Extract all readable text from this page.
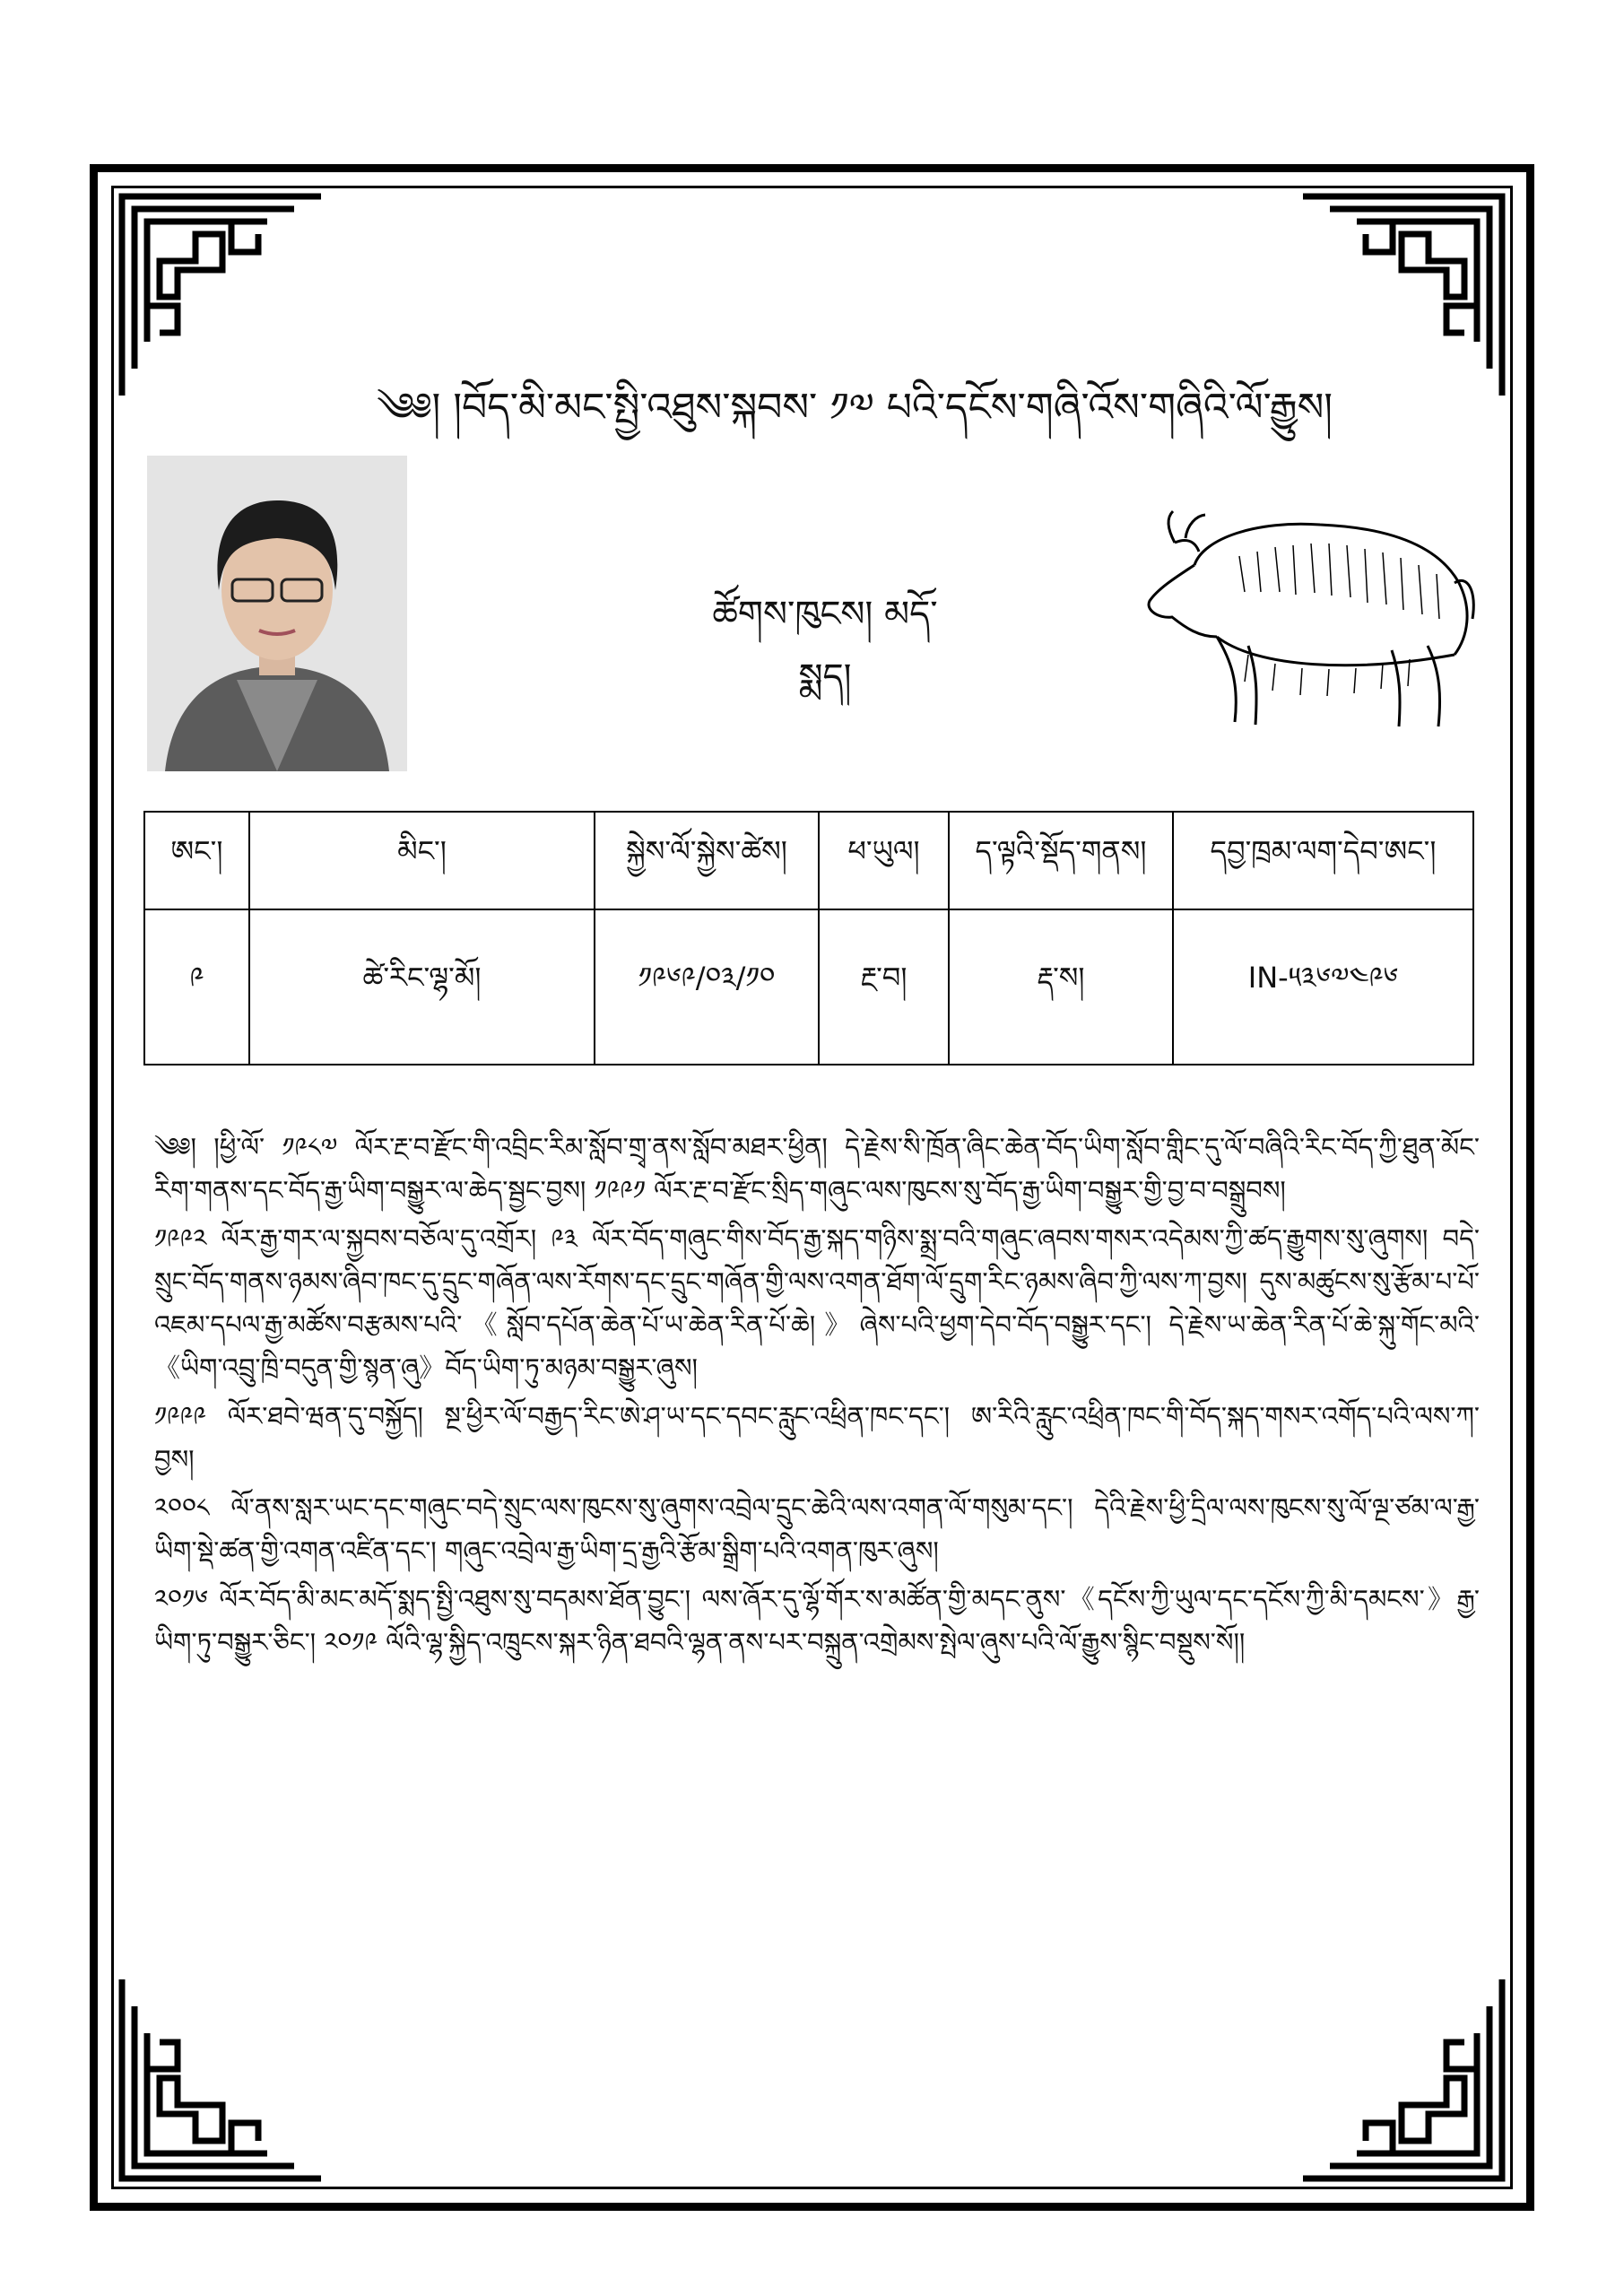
༄༅། །བོད་མི་མང་སྤྱི་འཐུས་སྐབས་ ༡༧ པའི་དངོས་གཞི་འོས་གཞིའི་ལོ་རྒྱུས།
ཚོགས་ཁུངས། མདོ་སྨད།
ཨང་།	མིང་།	སྐྱེས་ལོ་སྐྱེས་ཚེས།	ཕ་ཡུལ།	ད་ལྟའི་སྡོད་གནས།	དབྱ་ཁྲམ་ལག་དེབ་ཨང་།
༩	ཚེ་རིང་ལྷ་མོ།	༡༩༦༩/༠༣/༡༠	རྔ་བ།	རྡ་ས།	IN-༥༣༦༧༤༩༦

༄༅། །ཕྱི་ལོ་ ༡༩༨༧ ལོར་རྔ་བ་རྫོང་གི་འབྲིང་རིམ་སློབ་གྲྭ་ནས་སློབ་མཐར་ཕྱིན། དེ་རྗེས་སི་ཁྲོན་ཞིང་ཆེན་བོད་ཡིག་སློབ་གླིང་དུ་ལོ་བཞིའི་རིང་བོད་ཀྱི་ཐུན་མོང་རིག་གནས་དང་བོད་རྒྱ་ཡིག་བསྒྱུར་ལ་ཆེད་སྦྱང་བྱས། ༡༩༩༡ ལོར་རྔ་བ་རྫོང་སྲིད་གཞུང་ལས་ཁུངས་སུ་བོད་རྒྱ་ཡིག་བསྒྱུར་གྱི་བྱ་བ་བསྒྲུབས།

༡༩༩༢ ལོར་རྒྱ་གར་ལ་སྐྱབས་བཅོལ་དུ་འགྲོར། ༩༣ ལོར་བོད་གཞུང་གིས་བོད་རྒྱ་སྐད་གཉིས་སྨྲ་བའི་གཞུང་ཞབས་གསར་འདེམས་ཀྱི་ཚད་རྒྱུགས་སུ་ཞུགས། བདེ་སྲུང་བོད་གནས་ཉམས་ཞིབ་ཁང་དུ་དྲུང་གཞོན་ལས་རོགས་དང་དྲུང་གཞོན་གྱི་ལས་འགན་ཐོག་ལོ་དྲུག་རིང་ཉམས་ཞིབ་ཀྱི་ལས་ཀ་བྱས། དུས་མཚུངས་སུ་རྩོམ་པ་པོ་འཇམ་དཔལ་རྒྱ་མཚོས་བརྩམས་པའི་《སློབ་དཔོན་ཆེན་པོ་ཡ་ཆེན་རིན་པོ་ཆེ།》ཞེས་པའི་ཕྱག་དེབ་བོད་བསྒྱུར་དང་། དེ་རྗེས་ཡ་ཆེན་རིན་པོ་ཆེ་སྐུ་གོང་མའི་《ཡིག་འབྲུ་ཁྲི་བདུན་གྱི་སྙན་ཞུ》བོད་ཡིག་ཏུ་མཉམ་བསྒྱུར་ཞུས།

༡༩༩༩ ལོར་ཐབེ་ཝན་དུ་བསྐྱོད། སྔ་ཕྱིར་ལོ་བརྒྱད་རིང་ཨེ་ཤ་ཡ་དང་དབང་རླུང་འཕྲིན་ཁང་དང་། ཨ་རིའི་རླུང་འཕྲིན་ཁང་གི་བོད་སྐད་གསར་འགོད་པའི་ལས་ཀ་བྱས།

༢༠༠༨ ལོ་ནས་སླར་ཡང་དང་གཞུང་བདེ་སྲུང་ལས་ཁུངས་སུ་ཞུགས་འབྲེལ་དྲུང་ཆེའི་ལས་འགན་ལོ་གསུམ་དང་། དེའི་རྗེས་ཕྱི་དྲིལ་ལས་ཁུངས་སུ་ལོ་ལྔ་ཙམ་ལ་རྒྱ་ཡིག་སྡེ་ཚན་གྱི་འགན་འཛིན་དང་། གཞུང་འབྲེལ་རྒྱ་ཡིག་དྲ་རྒྱའི་རྩོམ་སྒྲིག་པའི་འགན་ཁུར་ཞུས།

༢༠༡༦ ལོར་བོད་མི་མང་མདོ་སྨད་སྤྱི་འཐུས་སུ་བདམས་ཐོན་བྱུང་། ལས་ཞོར་དུ་ལྷོ་གོར་ས་མཚོན་གྱི་མདང་ནུས་《དངོས་ཀྱི་ཡུལ་དང་དངོས་ཀྱི་མི་དམངས་》རྒྱ་ཡིག་ཏུ་བསྒྱུར་ཅིང་། ༢༠༡༩ ལོའི་ལྷ་སྐྱིད་འཁྲུངས་སྐར་ཉིན་ཐབའི་ལྷན་ནས་པར་བསྐྲུན་འགྲེམས་སྤེལ་ཞུས་པའི་ལོ་རྒྱུས་སྙིང་བསྡུས་སོ།།
